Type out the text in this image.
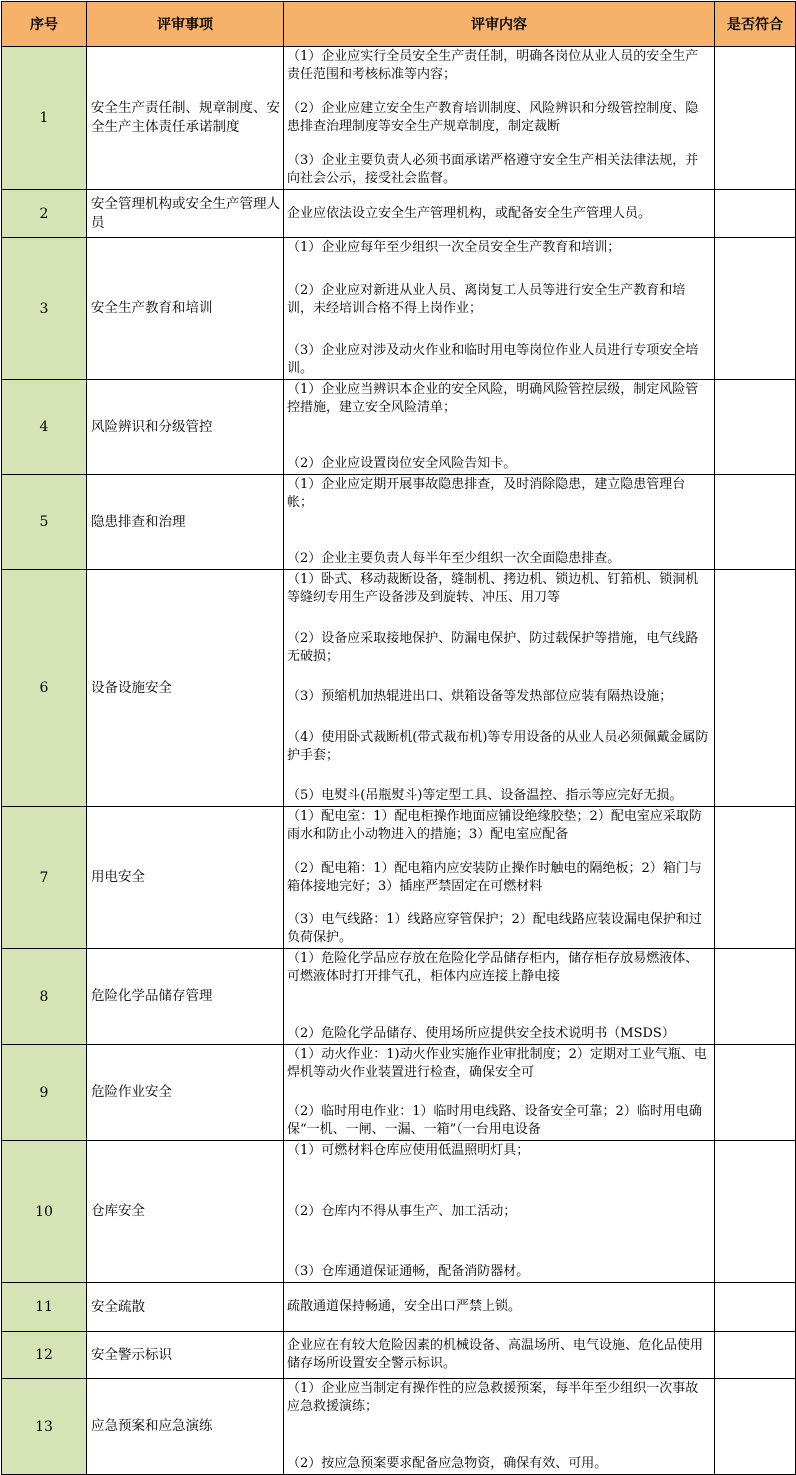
序号	评审事项	评审内容	是否符合
1	安全生产责任制、规章制度、安全生产主体责任承诺制度	（1）企业应实行全员安全生产责任制，明确各岗位从业人员的安全生产责任范围和考核标准等内容；
（2）企业应建立安全生产教育培训制度、风险辨识和分级管控制度、隐患排查治理制度等安全生产规章制度，制定裁断
（3）企业主要负责人必须书面承诺严格遵守安全生产相关法律法规，并向社会公示，接受社会监督。	

2	安全管理机构或安全生产管理人员	企业应依法设立安全生产管理机构，或配备安全生产管理人员。	

3	安全生产教育和培训	（1）企业应每年至少组织一次全员安全生产教育和培训；
（2）企业应对新进从业人员、离岗复工人员等进行安全生产教育和培训，未经培训合格不得上岗作业；
（3）企业应对涉及动火作业和临时用电等岗位作业人员进行专项安全培训。	

4	风险辨识和分级管控	（1）企业应当辨识本企业的安全风险，明确风险管控层级，制定风险管控措施，建立安全风险清单；
（2）企业应设置岗位安全风险告知卡。	

5	隐患排查和治理	（1）企业应定期开展事故隐患排查，及时消除隐患，建立隐患管理台帐；
（2）企业主要负责人每半年至少组织一次全面隐患排查。	

6	设备设施安全	（1）卧式、移动裁断设备，缝制机、拷边机、锁边机、钉筘机、锁洞机等缝纫专用生产设备涉及到旋转、冲压、用刀等
（2）设备应采取接地保护、防漏电保护、防过载保护等措施，电气线路无破损；
（3）预缩机加热辊进出口、烘箱设备等发热部位应装有隔热设施；
（4）使用卧式裁断机(带式裁布机)等专用设备的从业人员必须佩戴金属防护手套；
（5）电熨斗(吊瓶熨斗)等定型工具、设备温控、指示等应完好无损。	

7	用电安全	（1）配电室：1）配电柜操作地面应铺设绝缘胶垫；2）配电室应采取防雨水和防止小动物进入的措施；3）配电室应配备
（2）配电箱：1）配电箱内应安装防止操作时触电的隔绝板；2）箱门与箱体接地完好；3）插座严禁固定在可燃材料
（3）电气线路：1）线路应穿管保护；2）配电线路应装设漏电保护和过负荷保护。	

8	危险化学品储存管理	（1）危险化学品应存放在危险化学品储存柜内，储存柜存放易燃液体、可燃液体时打开排气孔，柜体内应连接上静电接
（2）危险化学品储存、使用场所应提供安全技术说明书（MSDS）	

9	危险作业安全	（1）动火作业：1)动火作业实施作业审批制度；2）定期对工业气瓶、电焊机等动火作业装置进行检查，确保安全可
（2）临时用电作业：1）临时用电线路、设备安全可靠；2）临时用电确保“一机、一闸、一漏、一箱”（一台用电设备	

10	仓库安全	（1）可燃材料仓库应使用低温照明灯具；
（2）仓库内不得从事生产、加工活动；
（3）仓库通道保证通畅，配备消防器材。	

11	安全疏散	疏散通道保持畅通，安全出口严禁上锁。	

12	安全警示标识	企业应在有较大危险因素的机械设备、高温场所、电气设施、危化品使用储存场所设置安全警示标识。	

13	应急预案和应急演练	（1）企业应当制定有操作性的应急救援预案，每半年至少组织一次事故应急救援演练；
（2）按应急预案要求配备应急物资，确保有效、可用。	
